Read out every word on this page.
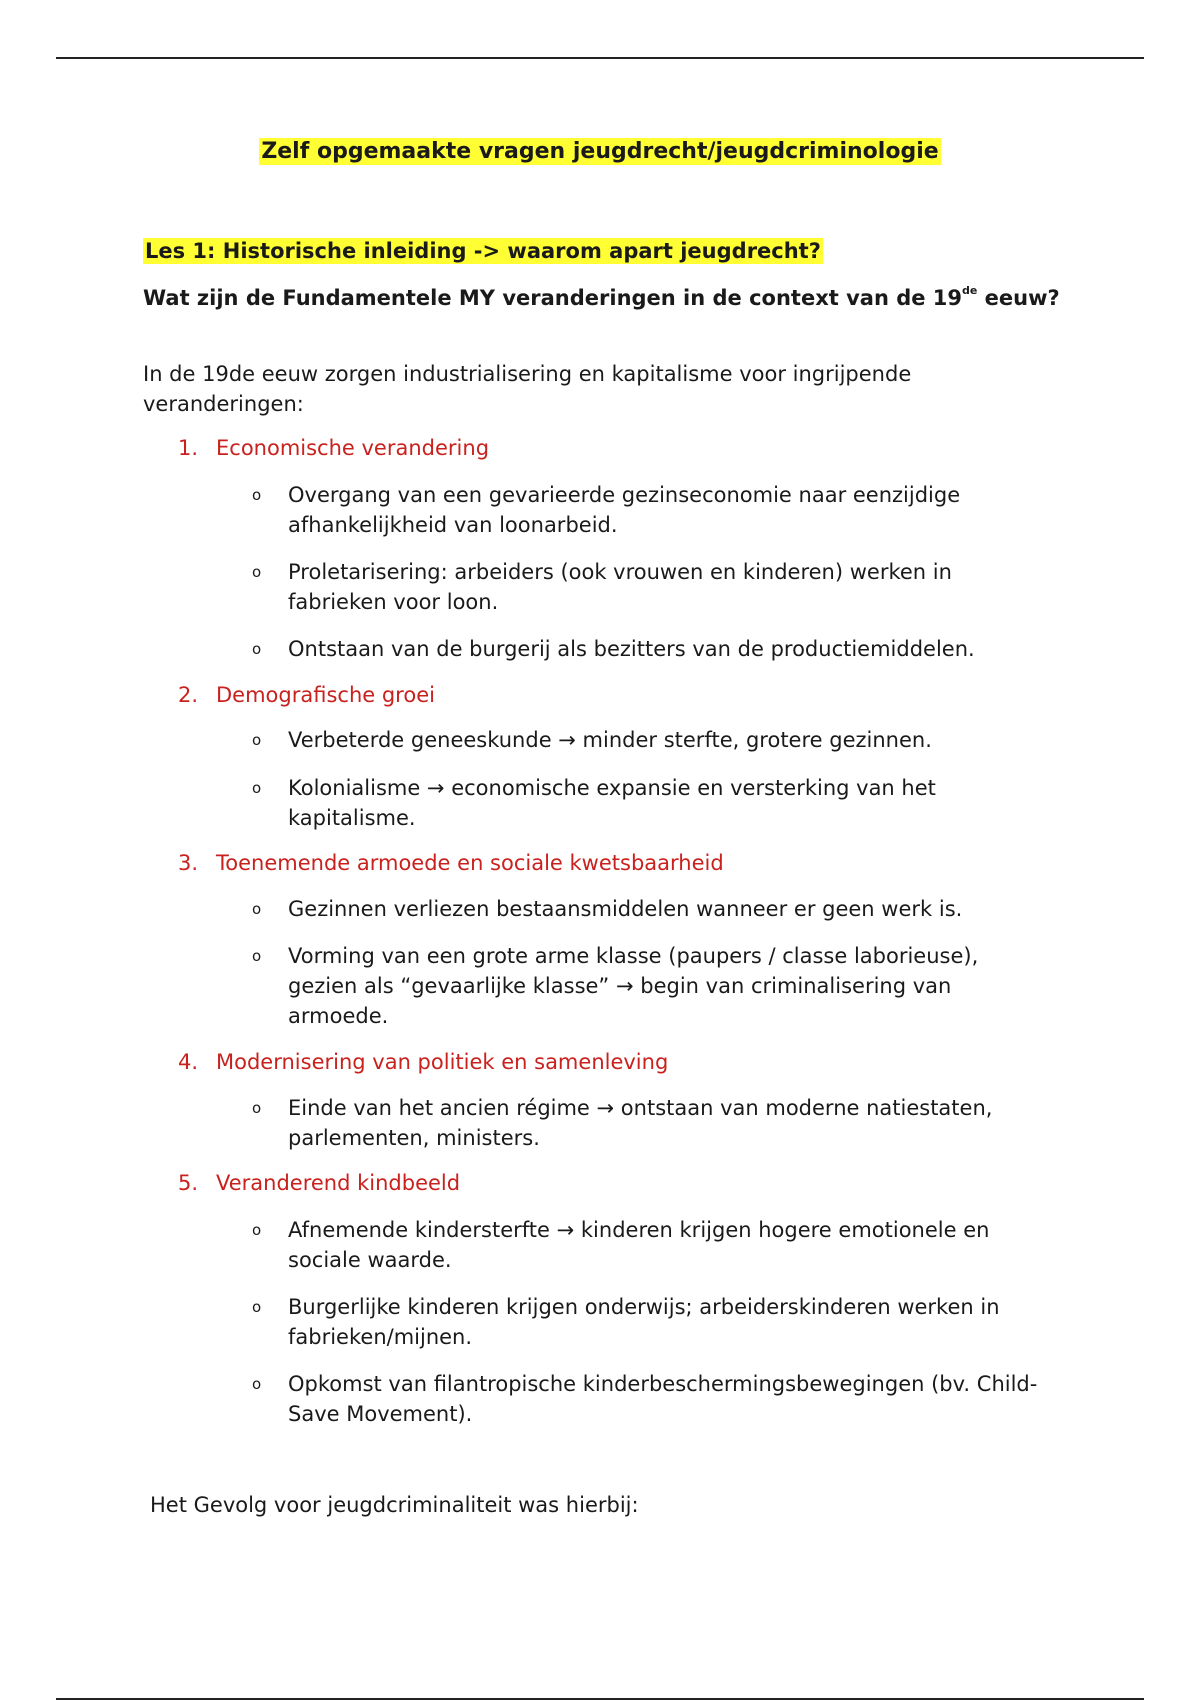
Zelf opgemaakte vragen jeugdrecht/jeugdcriminologie
Les 1: Historische inleiding -> waarom apart jeugdrecht?

Wat zijn de Fundamentele MY veranderingen in de context van de 19de eeuw?

In de 19de eeuw zorgen industrialisering en kapitalisme voor ingrijpende veranderingen:

1. Economische verandering
o Overgang van een gevarieerde gezinseconomie naar eenzijdige afhankelijkheid van loonarbeid.
o Proletarisering: arbeiders (ook vrouwen en kinderen) werken in fabrieken voor loon.
o Ontstaan van de burgerij als bezitters van de productiemiddelen.
2. Demografische groei
o Verbeterde geneeskunde → minder sterfte, grotere gezinnen.
o Kolonialisme → economische expansie en versterking van het kapitalisme.
3. Toenemende armoede en sociale kwetsbaarheid
o Gezinnen verliezen bestaansmiddelen wanneer er geen werk is.
o Vorming van een grote arme klasse (paupers / classe laborieuse), gezien als “gevaarlijke klasse” → begin van criminalisering van armoede.
4. Modernisering van politiek en samenleving
o Einde van het ancien régime → ontstaan van moderne natiestaten, parlementen, ministers.
5. Veranderend kindbeeld
o Afnemende kindersterfte → kinderen krijgen hogere emotionele en sociale waarde.
o Burgerlijke kinderen krijgen onderwijs; arbeiderskinderen werken in fabrieken/mijnen.
o Opkomst van filantropische kinderbeschermingsbewegingen (bv. Child-Save Movement).

Het Gevolg voor jeugdcriminaliteit was hierbij:
